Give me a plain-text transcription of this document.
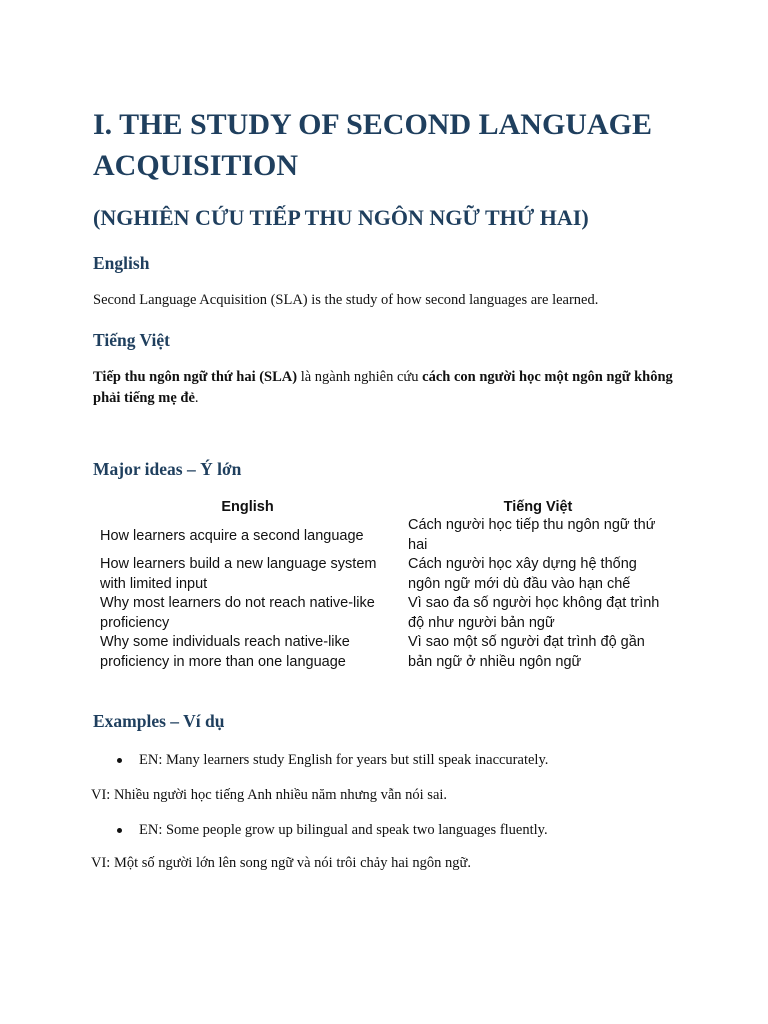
I. THE STUDY OF SECOND LANGUAGE ACQUISITION
(NGHIÊN CỨU TIẾP THU NGÔN NGỮ THỨ HAI)
English

Second Language Acquisition (SLA) is the study of how second languages are learned.

Tiếng Việt

Tiếp thu ngôn ngữ thứ hai (SLA) là ngành nghiên cứu cách con người học một ngôn ngữ không phải tiếng mẹ đẻ.

Major ideas – Ý lớn
English	Tiếng Việt
How learners acquire a second language
Cách người học tiếp thu ngôn ngữ thứ hai
How learners build a new language system with limited input
Cách người học xây dựng hệ thống ngôn ngữ mới dù đầu vào hạn chế
Why most learners do not reach native-like proficiency
Vì sao đa số người học không đạt trình độ như người bản ngữ
Why some individuals reach native-like proficiency in more than one language
Vì sao một số người đạt trình độ gần bản ngữ ở nhiều ngôn ngữ
Examples – Ví dụ
EN: Many learners study English for years but still speak inaccurately.
VI: Nhiều người học tiếng Anh nhiều năm nhưng vẫn nói sai.
EN: Some people grow up bilingual and speak two languages fluently.
VI: Một số người lớn lên song ngữ và nói trôi chảy hai ngôn ngữ.
